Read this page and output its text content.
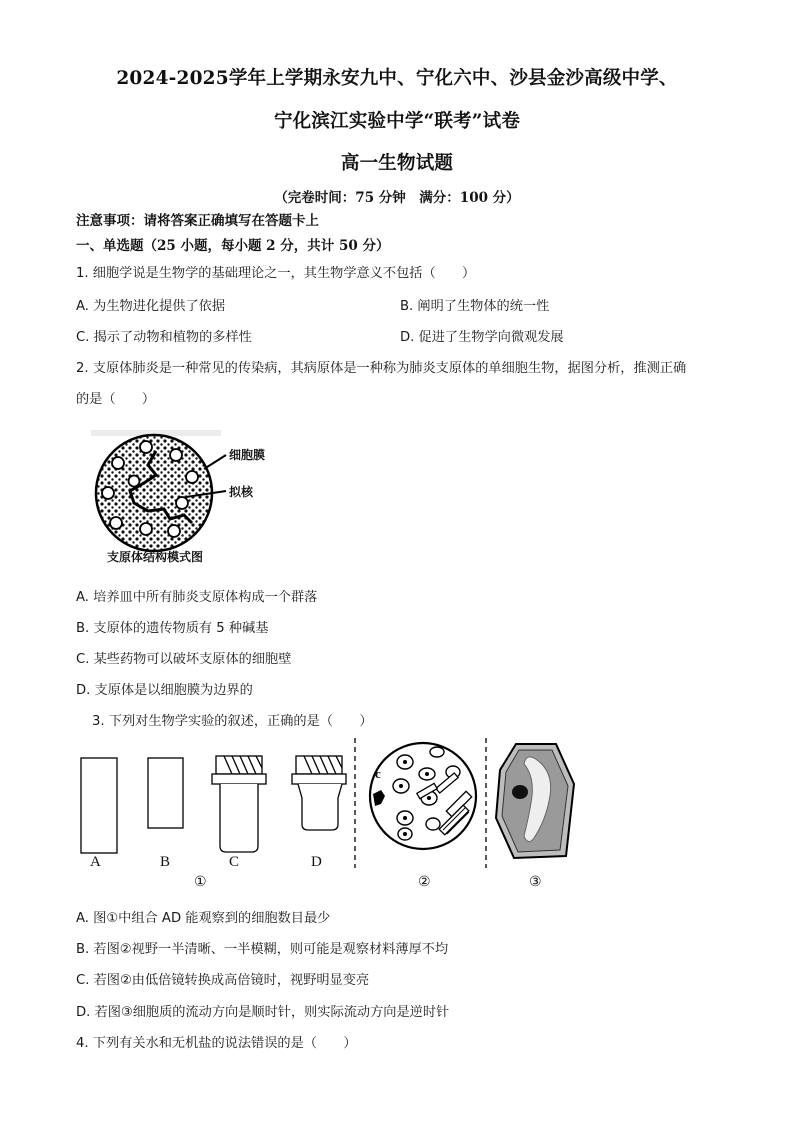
2024-2025学年上学期永安九中、宁化六中、沙县金沙高级中学、
宁化滨江实验中学“联考”试卷
高一生物试题
（完卷时间：75 分钟　满分：100 分）
注意事项：请将答案正确填写在答题卡上
一、单选题（25 小题，每小题 2 分，共计 50 分）
1. 细胞学说是生物学的基础理论之一，其生物学意义不包括（　　）
A. 为生物进化提供了依据	B. 阐明了生物体的统一性
C. 揭示了动物和植物的多样性	D. 促进了生物学向微观发展
2. 支原体肺炎是一种常见的传染病，其病原体是一种称为肺炎支原体的单细胞生物，据图分析，推测正确
的是（　　）
细胞膜
拟核
支原体结构模式图
A. 培养皿中所有肺炎支原体构成一个群落
B. 支原体的遗传物质有 5 种碱基
C. 某些药物可以破坏支原体的细胞壁
D. 支原体是以细胞膜为边界的
3. 下列对生物学实验的叙述，正确的是（　　）
A	B	C	D
c
①	②	③
A. 图①中组合 AD 能观察到的细胞数目最少
B. 若图②视野一半清晰、一半模糊，则可能是观察材料薄厚不均
C. 若图②由低倍镜转换成高倍镜时，视野明显变亮
D. 若图③细胞质的流动方向是顺时针，则实际流动方向是逆时针
4. 下列有关水和无机盐的说法错误的是（　　）
